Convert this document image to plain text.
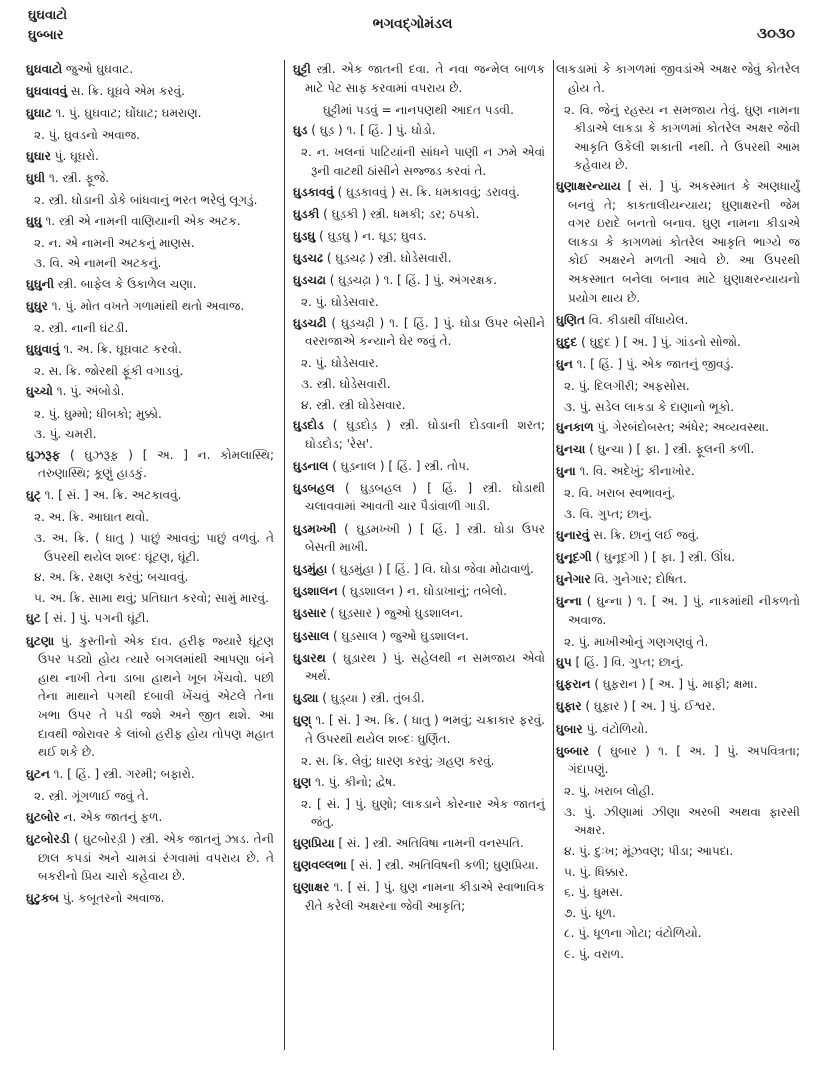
ઘુઘવાટો
ઘુબ્બાર
ભગવદ્ગોમંડલ	૩૦૩૦

ઘુઘવાટો જુઓ ઘુઘવાટ.

ઘુઘવાવવું સ. ક્રિ. ઘૂઘવે એમ કરવું.

ઘુઘાટ ૧. પું. ઘુઘવાટ; ઘોંઘાટ; ઘમરાણ.

૨. પું. ઘુવડનો અવાજ.

ઘુઘાર પું. ઘૂઘરો.

ઘુઘી ૧. સ્ત્રી. ફૂજે.

૨. સ્ત્રી. ઘોડાની ડોકે બાંધવાનું ભરત ભરેલું લૂગડું.

ઘુઘુ ૧. સ્ત્રી એ નામની વાણિયાની એક અટક.

૨. ન. એ નામની અટકનું માણસ.

૩. વિ. એ નામની અટકનું.

ઘુઘુની સ્ત્રી. બાફેલ કે ઉકાળેલ ચણા.

ઘુઘુર ૧. પું. મોત વખતે ગળામાંથી થતો અવાજ.

૨. સ્ત્રી. નાની ઘંટડી.

ઘુઘુવાવું ૧. અ. ક્રિ. ઘૂઘવાટ કરવો.

૨. સ. ક્રિ. જોરથી ફૂંકી વગાડવું.

ઘુચ્ચો ૧. પું. અંબોડો.

૨. પું. ઘુમ્મો; ધીબકો; મુક્કો.

૩. પું. ચમરી.

ઘુઝરૂફ ( ઘુઝરૂફ઼ ) [ અ. ] ન. કોમલાસ્થિ; તરુણાસ્થિ; કૂણું હાડકું.

ઘુટ્ ૧. [ સં. ] અ. ક્રિ. અટકાવવું.

૨. અ. ક્રિ. આઘાત થવો.

૩. અ. ક્રિ. ( ધાતુ ) પાછું આવવું; પાછું વળવું. તે ઉપરથી થયેલ શબ્દઃ ઘૂંટણ, ઘૂંટી.

૪. અ. ક્રિ. રક્ષણ કરવું; બચાવવું.

૫. અ. ક્રિ. સામા થવું; પ્રતિઘાત કરવો; સામું મારવું.

ઘુટ [ સં. ] પું. પગની ઘૂંટી.

ઘુટણા પું. કુસ્તીનો એક દાવ. હરીફ જ્યારે ઘૂંટણ ઉપર પડ્યો હોય ત્યારે બગલમાંથી આપણા બંને હાથ નાખી તેના ડાબા હાથને ખૂબ ખેંચવો. પછી તેના માથાને પગથી દબાવી ખેંચવું એટલે તેના ખભા ઉપર તે પડી જશે અને જીત થશે. આ દાવથી જોરાવર કે લાંબો હરીફ હોય તોપણ મહાત થઈ શકે છે.

ઘુટન ૧. [ હિં. ] સ્ત્રી. ગરમી; બફારો.

૨. સ્ત્રી. ગૂંગળાઈ જવું તે.

ઘુટબોર ન. એક જાતનું ફળ.

ઘુટબોરડી ( ઘુટબોરડ઼ી ) સ્ત્રી. એક જાતનું ઝાડ. તેની છાલ કપડાં અને ચામડાં રંગવામાં વપરાય છે. તે બકરીનો પ્રિય ચારો કહેવાય છે.

ઘુટુકબ પું. કબૂતરનો અવાજ.

ઘુટ્ટી સ્ત્રી. એક જાતની દવા. તે નવા જન્મેલ બાળક માટે પેટ સાફ કરવામાં વપરાય છે.

ઘુટ્ટીમાં પડવું = નાનપણથી આદત પડવી.

ઘુડ ( ઘુડ઼ ) ૧. [ હિં. ] પું. ઘોડો.

૨. ન. ખલનાં પાટિયાંની સાંધને પાણી ન ઝમે એવાં રૂની વાટથી ઠાંસીને સજ્જડ કરવાં તે.

ઘુડકાવવું ( ઘુડ઼કાવવું ) સ. ક્રિ. ધમકાવવું; ડરાવવું.

ઘુડકી ( ઘુડ઼કી ) સ્ત્રી. ધમકી; ડર; ઠપકો.

ઘુડઘુ ( ઘુડ઼ઘુ ) ન. ઘૂડ; ઘુવડ.

ઘુડચઢ ( ઘુડ઼ચઢ઼ ) સ્ત્રી. ઘોડેસવારી.

ઘુડચઢા ( ઘુડ઼ચઢ઼ા ) ૧. [ હિં. ] પું. અંગરક્ષક.

૨. પું. ઘોડેસવાર.

ઘુડચઢી ( ઘુડ઼ચઢ઼ી ) ૧. [ હિં. ] પું. ઘોડા ઉપર બેસીને વરરાજાએ કન્યાને ઘેર જવું તે.

૨. પું. ઘોડેસવાર.

૩. સ્ત્રી. ઘોડેસવારી.

૪. સ્ત્રી. સ્ત્રી ઘોડેસવાર.

ઘુડદોડ ( ઘુડ઼દોડ઼ ) સ્ત્રી. ઘોડાની દોડવાની શરત; ઘોડદોડ; 'રેસ'.

ઘુડનાલ ( ઘુડ઼નાલ ) [ હિં. ] સ્ત્રી. તોપ.

ઘુડબહલ ( ઘુડ઼બહલ ) [ હિં. ] સ્ત્રી. ઘોડાથી ચલાવવામાં આવતી ચાર પૈડાંવાળી ગાડી.

ઘુડમખ્ખી ( ઘુડ઼મખ્ખી ) [ હિં. ] સ્ત્રી. ઘોડા ઉપર બેસતી માખી.

ઘુડમુંહા ( ઘુડ઼મુંહા ) [ હિં. ] વિ. ઘોડા જેવા મોઢાવાળું.

ઘુડશાલન ( ઘુડ઼શાલન ) ન. ઘોડાખાનું; તબેલો.

ઘુડસાર ( ઘુડ઼સાર ) જુઓ ઘુડશાલન.

ઘુડસાલ ( ઘુડ઼સાલ ) જુઓ ઘુડશાલન.

ઘુડારથ ( ઘુડ઼ારથ ) પું. સહેલથી ન સમજાય એવો અર્થ.

ઘુડ્યા ( ઘુડ઼્યા ) સ્ત્રી. તુંબડી.

ઘુણ્ ૧. [ સં. ] અ. ક્રિ. ( ધાતુ ) ભમવું; ચક્રાકાર ફરવું. તે ઉપરથી થયેલ શબ્દઃ ઘુર્ણિત.

૨. સ. ક્રિ. લેવું; ધારણ કરવું; ગ્રહણ કરવું.

ઘુણ ૧. પું. કીનો; દ્વેષ.

૨. [ સં. ] પું. ઘુણો; લાકડાને કોરનાર એક જાતનું જંતુ.

ઘુણપ્રિયા [ સં. ] સ્ત્રી. અતિવિષા નામની વનસ્પતિ.

ઘુણવલ્લભા [ સં. ] સ્ત્રી. અતિવિષની કળી; ઘુણપ્રિયા.

ઘુણાક્ષર ૧. [ સં. ] પું. ઘુણ નામના કીડાએ સ્વાભાવિક રીતે કરેલી અક્ષરના જેવી આકૃતિ;

લાકડામાં કે કાગળમાં જીવડાંએ અક્ષર જેવું કોતરેલ હોય તે.

૨. વિ. જેનું રહસ્ય ન સમજાય તેવું. ઘુણ નામના કીડાએ લાકડા કે કાગળમાં કોતરેલ અક્ષર જેવી આકૃતિ ઉકેલી શકાતી નથી. તે ઉપરથી આમ કહેવાય છે.

ઘુણાક્ષરન્યાય [ સં. ] પું. અકસ્માત કે અણધાર્યું બનવું તે; કાકતાલીયન્યાય; ઘુણાક્ષરની જેમ વગર ઇરાદે બનતો બનાવ. ઘુણ નામના કીડાએ લાકડા કે કાગળમાં કોતરેલ આકૃતિ ભાગ્યે જ કોઈ અક્ષરને મળતી આવે છે. આ ઉપરથી અકસ્માત બનેલા બનાવ માટે ઘુણાક્ષરન્યાયનો પ્રયોગ થાય છે.

ઘુણિત વિ. કીડાથી વીંધાયેલ.

ઘુદુદ ( ઘુદુદ ) [ અ. ] પું. ગાંડનો સોજો.

ઘુન ૧. [ હિં. ] પું. એક જાતનું જીવડું.

૨. પું. દિલગીરી; અફસોસ.

૩. પું. સડેલ લાકડા કે દાણાનો ભૂકો.

ઘુનકાળ પું. ગેરબંદોબસ્ત; અંધેર; અવ્યવસ્થા.

ઘુનચા ( ઘુન્ચા ) [ ફા. ] સ્ત્રી. ફૂલની કળી.

ઘુના ૧. વિ. અદેખું; કીનાખોર.

૨. વિ. ખરાબ સ્વભાવનું.

૩. વિ. ગુપ્ત; છાનું.

ઘુનારવું સ. ક્રિ. છાનું લઈ જવું.

ઘુનૂદગી ( ઘુનૂદગી ) [ ફા. ] સ્ત્રી. ઊંઘ.

ઘુનેગાર વિ. ગુનેગાર; દોષિત.

ઘુન્ના ( ઘુન્ના ) ૧. [ અ. ] પું. નાકમાંથી નીકળતો અવાજ.

૨. પું. માખીઓનું ગણગણવું તે.

ઘુપ [ હિં. ] વિ. ગુપ્ત; છાનું.

ઘુફરાન ( ઘુફ઼રાન ) [ અ. ] પું. માફી; ક્ષમા.

ઘુફાર ( ઘુફ઼ાર ) [ અ. ] પું. ઈશ્વર.

ઘુબાર પું. વંટોળિયો.

ઘુબ્બાર ( ઘુબાર ) ૧. [ અ. ] પું. અપવિત્રતા; ગંદાપણું.

૨. પું. ખરાબ લોહી.

૩. પું. ઝીણામાં ઝીણા અરબી અથવા ફારસી અક્ષર.

૪. પું. દુઃખ; મૂંઝવણ; પીડા; આપદા.

૫. પું. ધિક્કાર.

૬. પું. ધુમસ.

૭. પું. ધૂળ.

૮. પું. ધૂળના ગોટા; વંટોળિયો.

૯. પું. વરાળ.
